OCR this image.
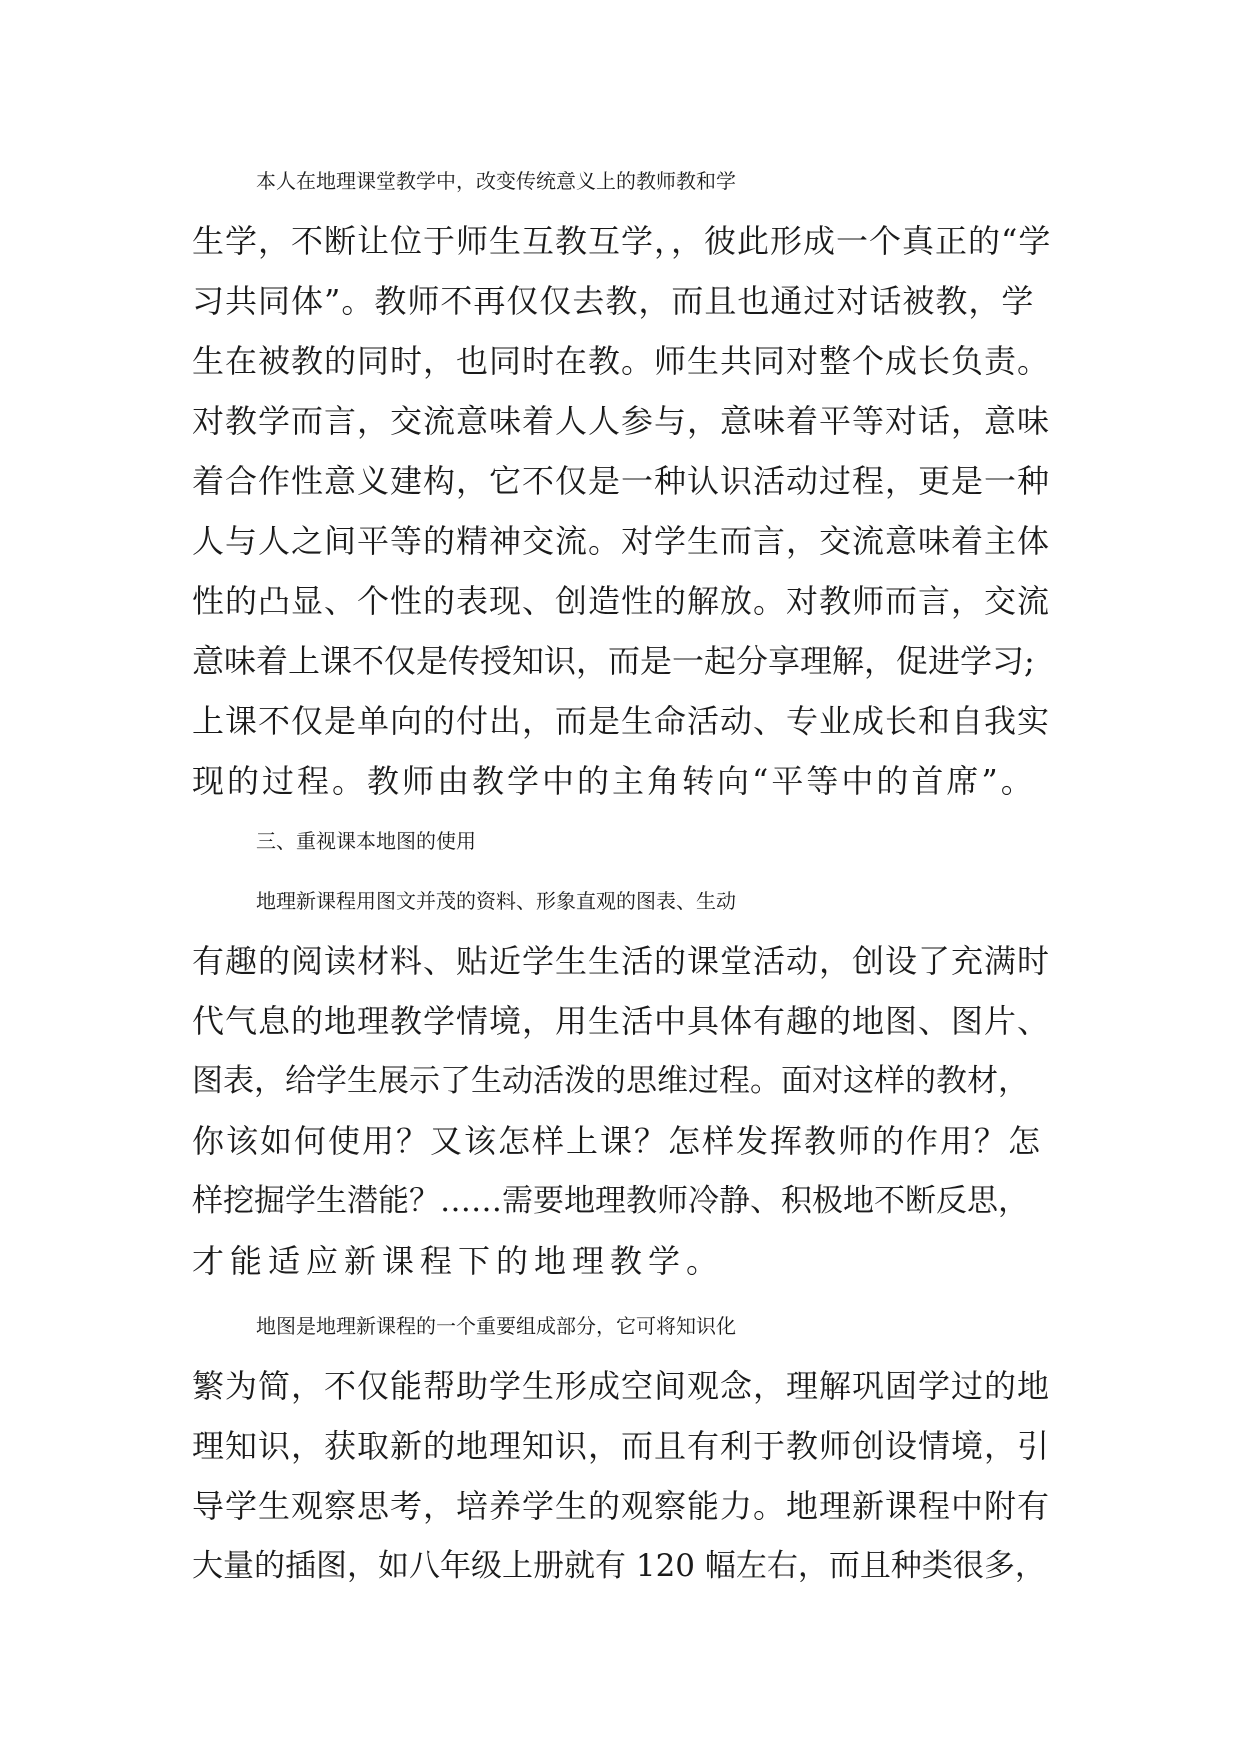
本人在地理课堂教学中，改变传统意义上的教师教和学
生学，不断让位于师生互教互学，，彼此形成一个真正的“学
习共同体”。教师不再仅仅去教，而且也通过对话被教，学
生在被教的同时，也同时在教。师生共同对整个成长负责。
对教学而言，交流意味着人人参与，意味着平等对话，意味
着合作性意义建构，它不仅是一种认识活动过程，更是一种
人与人之间平等的精神交流。对学生而言，交流意味着主体
性的凸显、个性的表现、创造性的解放。对教师而言，交流
意味着上课不仅是传授知识，而是一起分享理解，促进学习;
上课不仅是单向的付出，而是生命活动、专业成长和自我实
现的过程。教师由教学中的主角转向“平等中的首席”。
三、重视课本地图的使用
地理新课程用图文并茂的资料、形象直观的图表、生动
有趣的阅读材料、贴近学生生活的课堂活动，创设了充满时
代气息的地理教学情境，用生活中具体有趣的地图、图片、
图表，给学生展示了生动活泼的思维过程。面对这样的教材，
你该如何使用？又该怎样上课？怎样发挥教师的作用？怎
样挖掘学生潜能？……需要地理教师冷静、积极地不断反思，
才能适应新课程下的地理教学。
地图是地理新课程的一个重要组成部分，它可将知识化
繁为简，不仅能帮助学生形成空间观念，理解巩固学过的地
理知识，获取新的地理知识，而且有利于教师创设情境，引
导学生观察思考，培养学生的观察能力。地理新课程中附有
大量的插图，如八年级上册就有 120 幅左右，而且种类很多，
